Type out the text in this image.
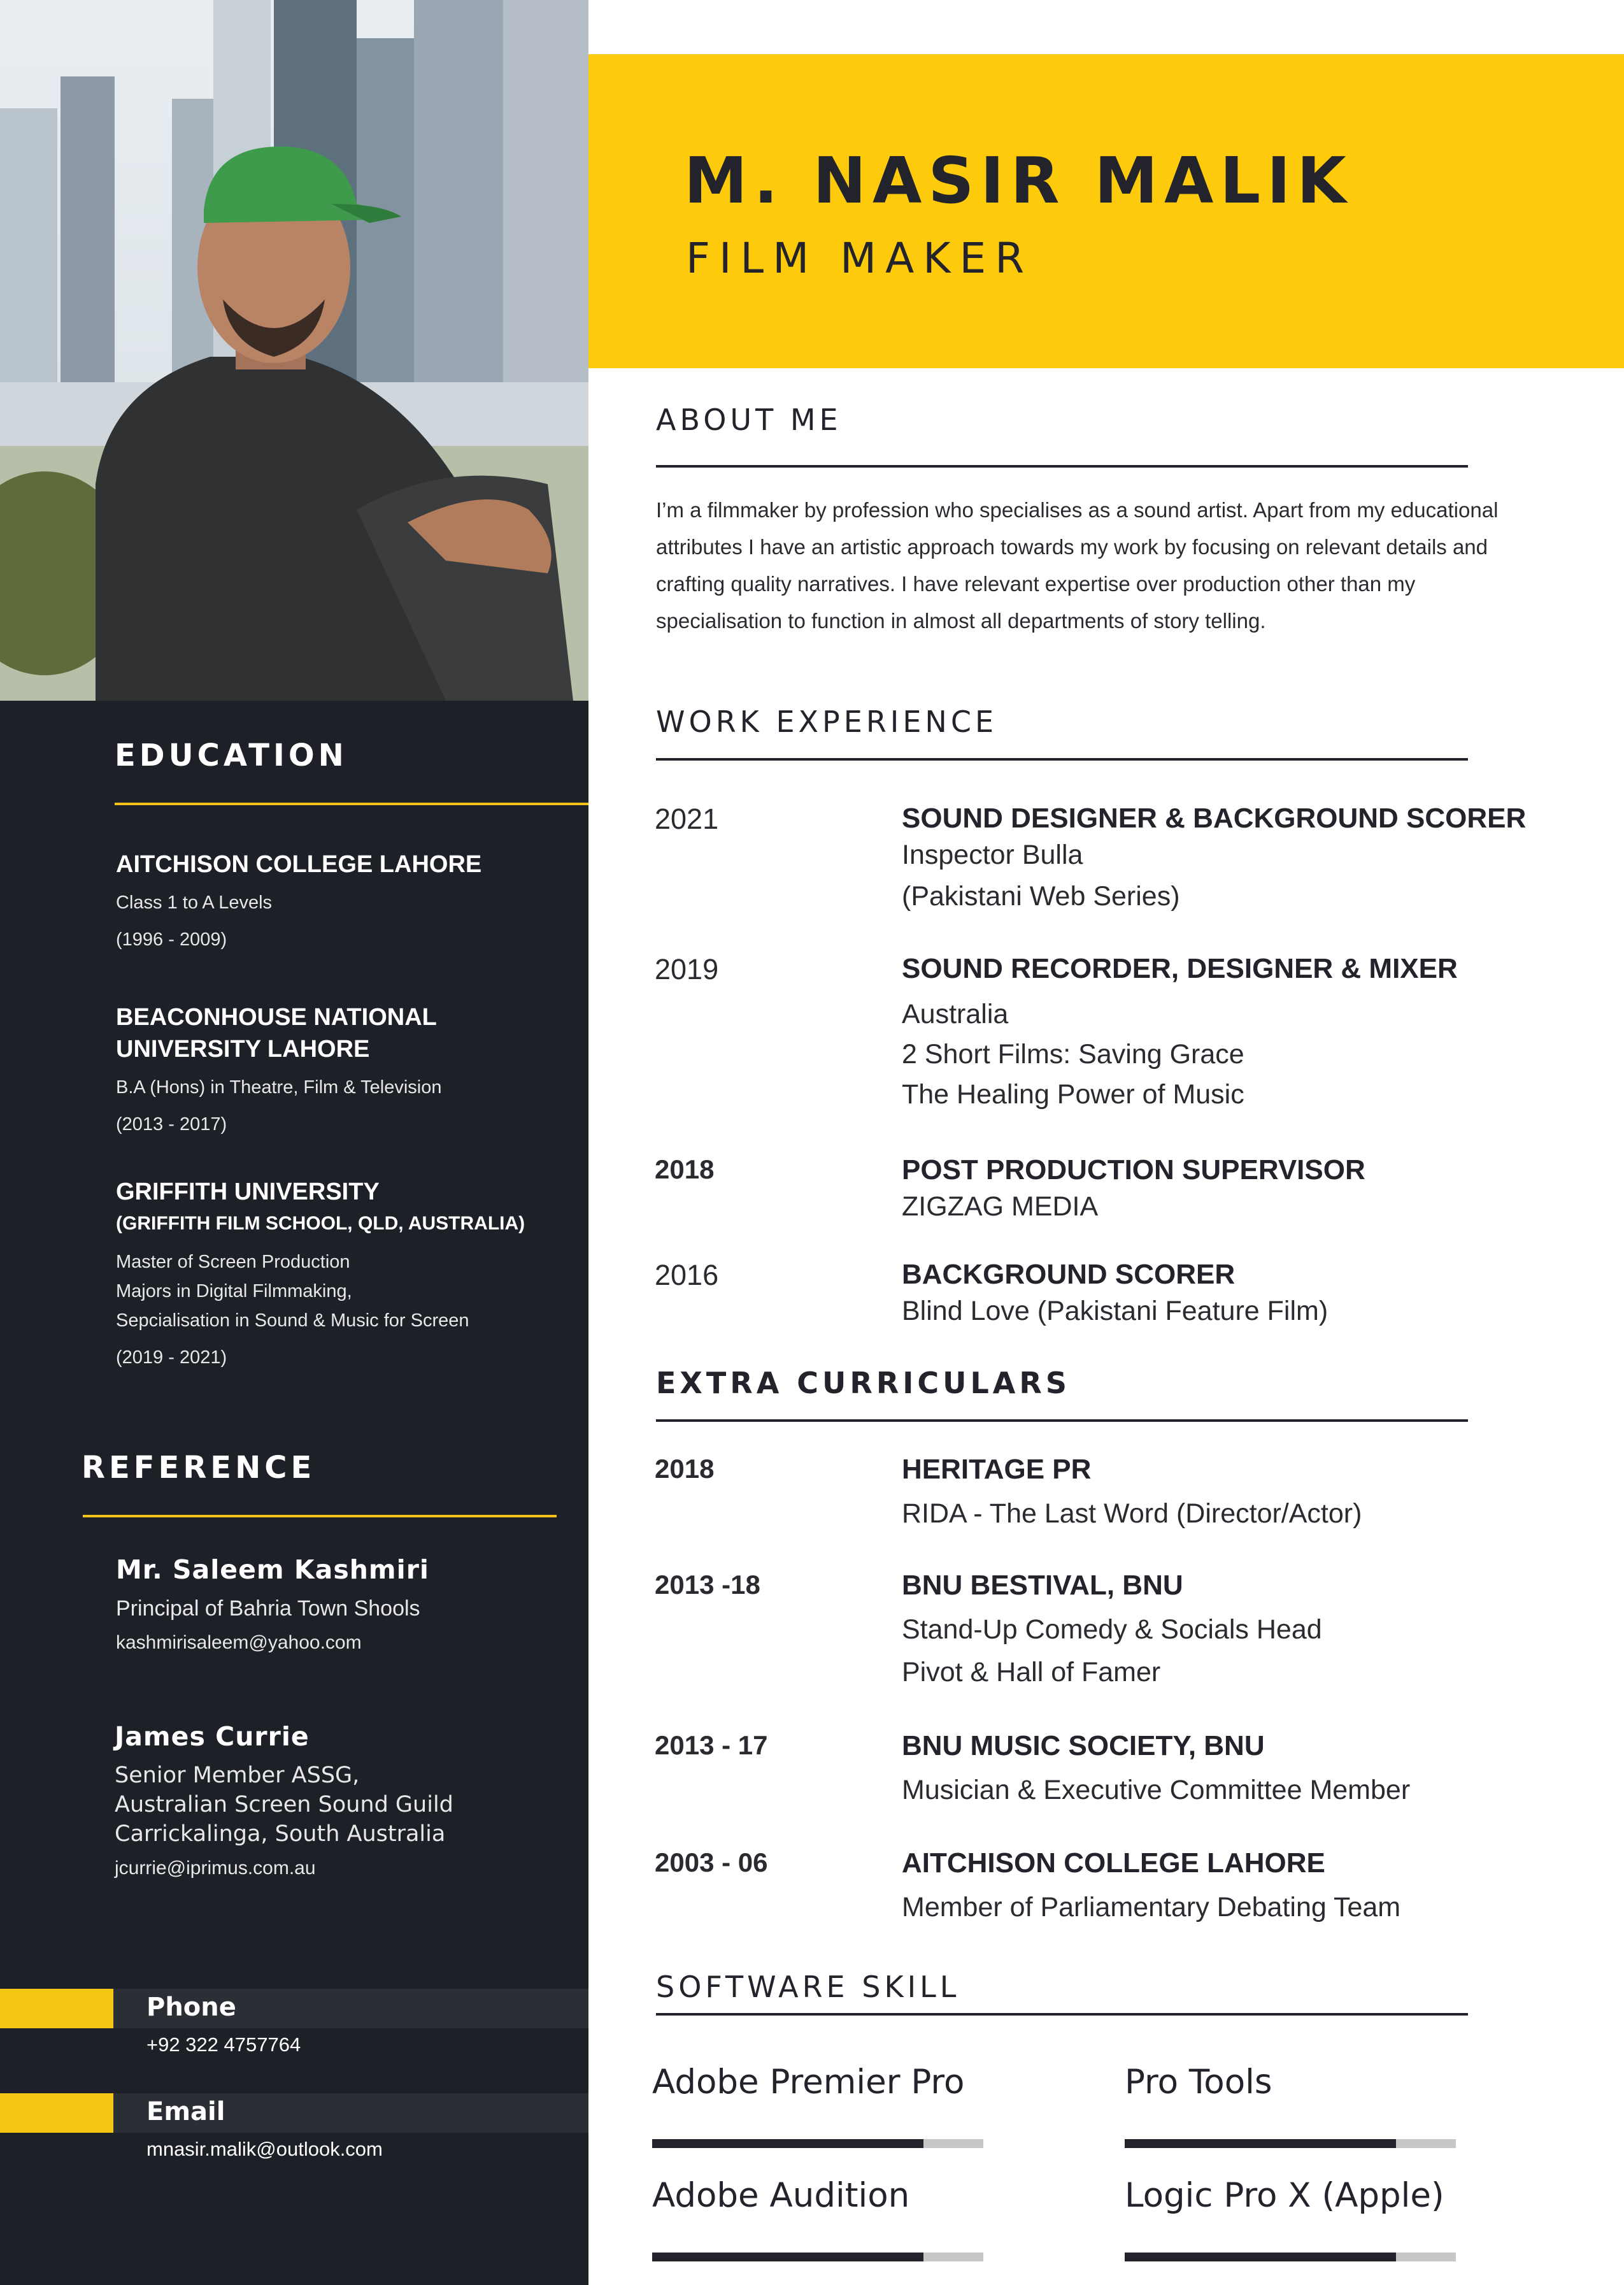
EDUCATION
AITCHISON COLLEGE LAHORE
Class 1 to A Levels
(1996 - 2009)
BEACONHOUSE NATIONAL
UNIVERSITY LAHORE
B.A (Hons) in Theatre, Film & Television
(2013 - 2017)
GRIFFITH UNIVERSITY
(GRIFFITH FILM SCHOOL, QLD, AUSTRALIA)
Master of Screen Production
Majors in Digital Filmmaking,
Sepcialisation in Sound & Music for Screen
(2019 - 2021)
REFERENCE
Mr. Saleem Kashmiri
Principal of Bahria Town Shools
kashmirisaleem@yahoo.com
James Currie
Senior Member ASSG,
Australian Screen Sound Guild
Carrickalinga, South Australia
jcurrie@iprimus.com.au
Phone
+92 322 4757764
Email
mnasir.malik@outlook.com
M. NASIR MALIK
FILM MAKER
ABOUT ME
I’m a filmmaker by profession who specialises as a sound artist. Apart from my educational
attributes I have an artistic approach towards my work by focusing on relevant details and
crafting quality narratives. I have relevant expertise over production other than my
specialisation to function in almost all departments of story telling.
WORK EXPERIENCE
2021	SOUND DESIGNER & BACKGROUND SCORER
Inspector Bulla
(Pakistani Web Series)
2019	SOUND RECORDER, DESIGNER & MIXER
Australia
2 Short Films: Saving Grace
The Healing Power of Music
2018	POST PRODUCTION SUPERVISOR
ZIGZAG MEDIA
2016	BACKGROUND SCORER
Blind Love (Pakistani Feature Film)
EXTRA CURRICULARS
2018	HERITAGE PR
RIDA - The Last Word (Director/Actor)
2013 -18	BNU BESTIVAL, BNU
Stand-Up Comedy & Socials Head
Pivot & Hall of Famer
2013 - 17	BNU MUSIC SOCIETY, BNU
Musician & Executive Committee Member
2003 - 06	AITCHISON COLLEGE LAHORE
Member of Parliamentary Debating Team
SOFTWARE SKILL
Adobe Premier Pro	Pro Tools
Adobe Audition	Logic Pro X (Apple)
